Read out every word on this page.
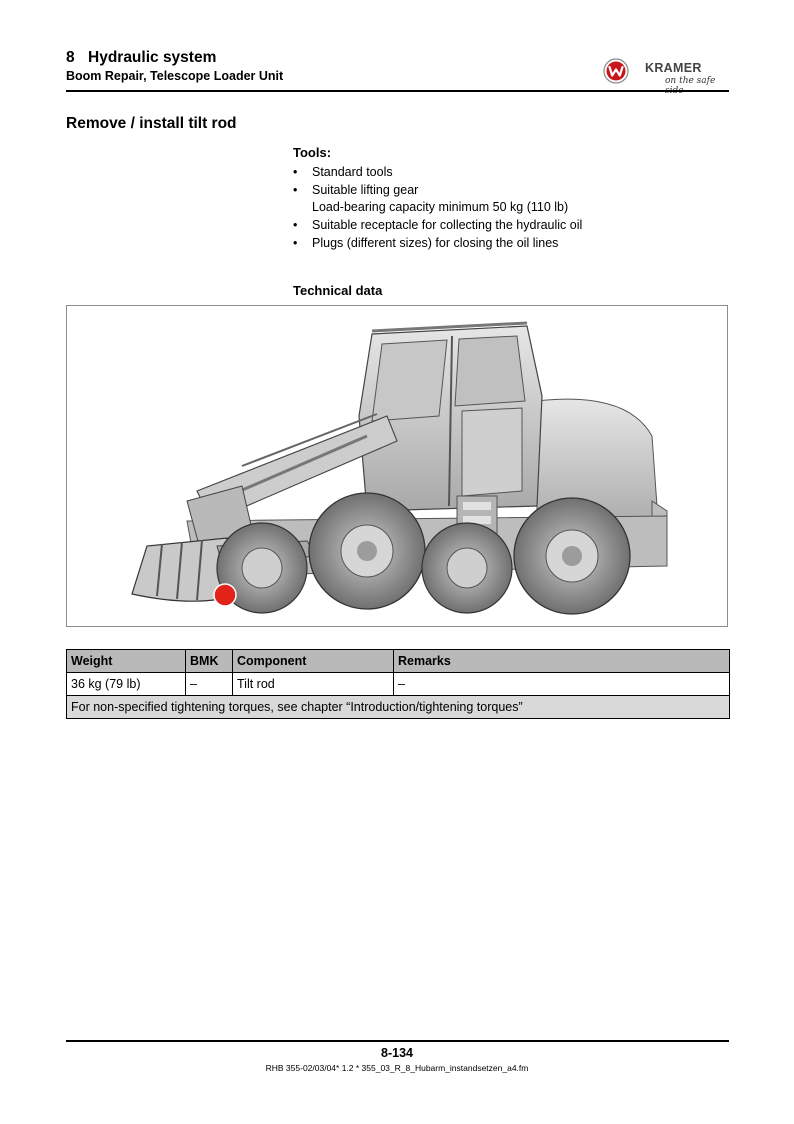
8 Hydraulic system
Boom Repair, Telescope Loader Unit
KRAMER
on the safe
Remove / install tilt rod
Tools:
• Standard tools
• Suitable lifting gear
Load-bearing capacity minimum 50 kg (110 lb)
• Suitable receptacle for collecting the hydraulic oil
• Plugs (different sizes) for closing the oil lines
Technical data
Weight	BMK	Component	Remarks
36 kg (79 lb)	–	Tilt rod	–
For non-specified tightening torques, see chapter “Introduction/tightening torques”			
8-134
RHB 355-02/03/04* 1.2 * 355_03_R_8_Hubarm_instandsetzen_a4.fm
